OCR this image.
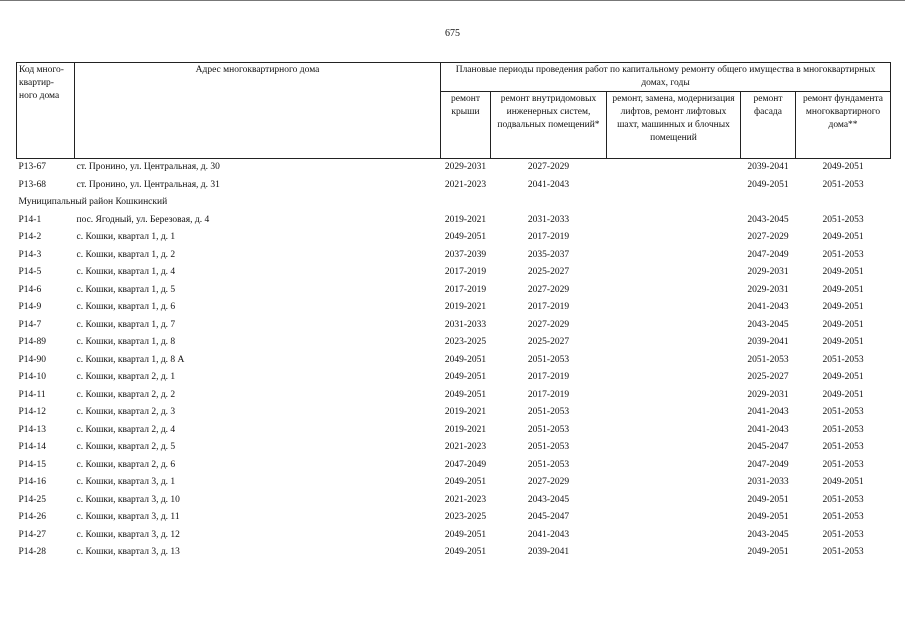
675
Код много-квартир-ного дома	Адрес многоквартирного дома	Плановые периоды проведения работ по капитальному ремонту общего имущества в многоквартирных домах, годы				
		ремонт крыши	ремонт внутридомовых инженерных систем, подвальных помещений*	ремонт, замена, модернизация лифтов, ремонт лифтовых шахт, машинных и блочных помещений	ремонт фасада	ремонт фундамента многоквартирного дома**
P13-67	ст. Пронино, ул. Центральная, д. 30	2029-2031	2027-2029		2039-2041	2049-2051
P13-68	ст. Пронино, ул. Центральная, д. 31	2021-2023	2041-2043		2049-2051	2051-2053
Муниципальный район Кошкинский						
P14-1	пос. Ягодный, ул. Березовая, д. 4	2019-2021	2031-2033		2043-2045	2051-2053
P14-2	с. Кошки, квартал 1, д. 1	2049-2051	2017-2019		2027-2029	2049-2051
P14-3	с. Кошки, квартал 1, д. 2	2037-2039	2035-2037		2047-2049	2051-2053
P14-5	с. Кошки, квартал 1, д. 4	2017-2019	2025-2027		2029-2031	2049-2051
P14-6	с. Кошки, квартал 1, д. 5	2017-2019	2027-2029		2029-2031	2049-2051
P14-9	с. Кошки, квартал 1, д. 6	2019-2021	2017-2019		2041-2043	2049-2051
P14-7	с. Кошки, квартал 1, д. 7	2031-2033	2027-2029		2043-2045	2049-2051
P14-89	с. Кошки, квартал 1, д. 8	2023-2025	2025-2027		2039-2041	2049-2051
P14-90	с. Кошки, квартал 1, д. 8 А	2049-2051	2051-2053		2051-2053	2051-2053
P14-10	с. Кошки, квартал 2, д. 1	2049-2051	2017-2019		2025-2027	2049-2051
P14-11	с. Кошки, квартал 2, д. 2	2049-2051	2017-2019		2029-2031	2049-2051
P14-12	с. Кошки, квартал 2, д. 3	2019-2021	2051-2053		2041-2043	2051-2053
P14-13	с. Кошки, квартал 2, д. 4	2019-2021	2051-2053		2041-2043	2051-2053
P14-14	с. Кошки, квартал 2, д. 5	2021-2023	2051-2053		2045-2047	2051-2053
P14-15	с. Кошки, квартал 2, д. 6	2047-2049	2051-2053		2047-2049	2051-2053
P14-16	с. Кошки, квартал 3, д. 1	2049-2051	2027-2029		2031-2033	2049-2051
P14-25	с. Кошки, квартал 3, д. 10	2021-2023	2043-2045		2049-2051	2051-2053
P14-26	с. Кошки, квартал 3, д. 11	2023-2025	2045-2047		2049-2051	2051-2053
P14-27	с. Кошки, квартал 3, д. 12	2049-2051	2041-2043		2043-2045	2051-2053
P14-28	с. Кошки, квартал 3, д. 13	2049-2051	2039-2041		2049-2051	2051-2053
